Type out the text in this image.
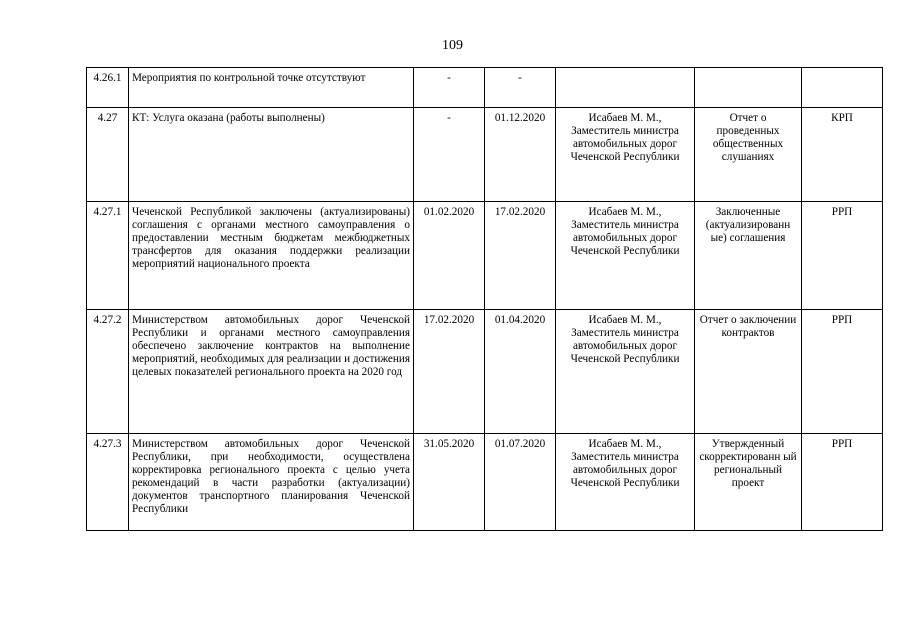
109
4.26.1	Мероприятия по контрольной точке отсутствуют	-	-			
4.27	КТ: Услуга оказана (работы выполнены)	-	01.12.2020	Исабаев М. М., Заместитель министра автомобильных дорог Чеченской Республики	Отчет о проведенных общественных слушаниях	КРП
4.27.1	Чеченской Республикой заключены (актуализированы) соглашения с органами местного самоуправления о предоставлении местным бюджетам межбюджетных трансфертов для оказания поддержки реализации мероприятий национального проекта	01.02.2020	17.02.2020	Исабаев М. М., Заместитель министра автомобильных дорог Чеченской Республики	Заключенные (актуализированн ые) соглашения	РРП
4.27.2	Министерством автомобильных дорог Чеченской Республики и органами местного самоуправления обеспечено заключение контрактов на выполнение мероприятий, необходимых для реализации и достижения целевых показателей регионального проекта на 2020 год	17.02.2020	01.04.2020	Исабаев М. М., Заместитель министра автомобильных дорог Чеченской Республики	Отчет о заключении контрактов	РРП
4.27.3	Министерством автомобильных дорог Чеченской Республики, при необходимости, осуществлена корректировка регионального проекта с целью учета рекомендаций в части разработки (актуализации) документов транспортного планирования Чеченской Республики	31.05.2020	01.07.2020	Исабаев М. М., Заместитель министра автомобильных дорог Чеченской Республики	Утвержденный скорректированн ый региональный проект	РРП
